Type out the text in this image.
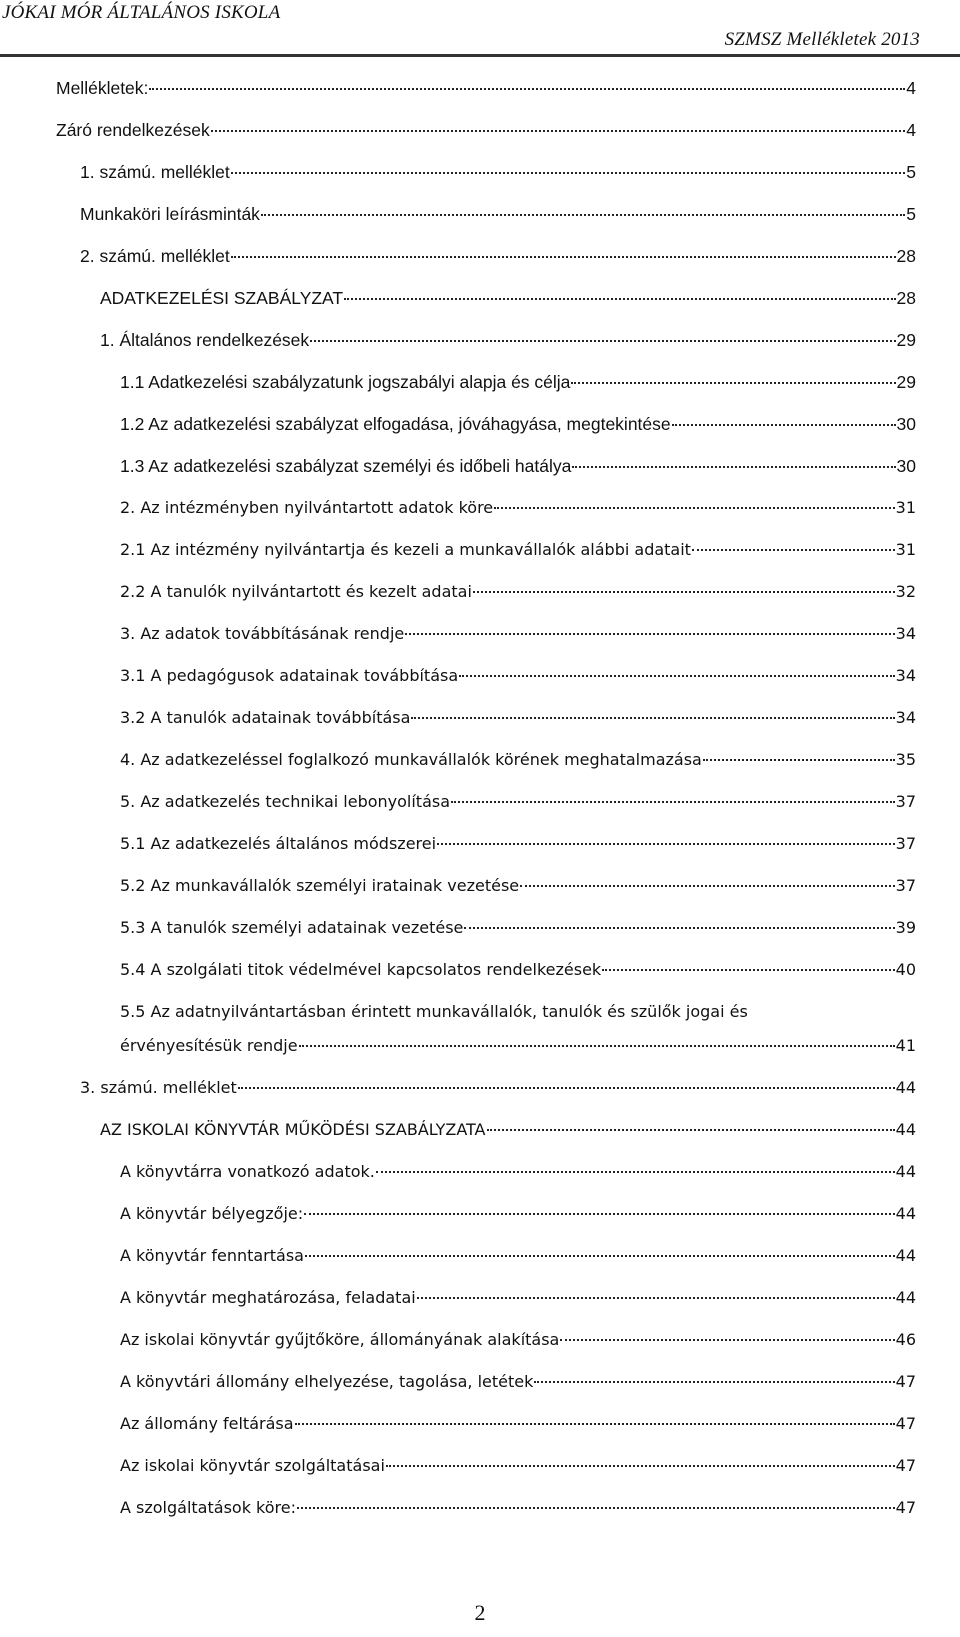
JÓKAI MÓR ÁLTALÁNOS ISKOLA
SZMSZ Mellékletek 2013
Mellékletek:	4
Záró rendelkezések	4
1. számú. melléklet	5
Munkaköri leírásminták	5
2. számú. melléklet	28
ADATKEZELÉSI SZABÁLYZAT	28
1. Általános rendelkezések	29
1.1 Adatkezelési szabályzatunk jogszabályi alapja és célja	29
1.2 Az adatkezelési szabályzat elfogadása, jóváhagyása, megtekintése	30
1.3 Az adatkezelési szabályzat személyi és időbeli hatálya	30
2. Az intézményben nyilvántartott adatok köre	31
2.1 Az intézmény nyilvántartja és kezeli a munkavállalók alábbi adatait	31
2.2 A tanulók nyilvántartott és kezelt adatai	32
3. Az adatok továbbításának rendje	34
3.1 A pedagógusok adatainak továbbítása	34
3.2 A tanulók adatainak továbbítása	34
4. Az adatkezeléssel foglalkozó munkavállalók körének meghatalmazása	35
5. Az adatkezelés technikai lebonyolítása	37
5.1 Az adatkezelés általános módszerei	37
5.2 Az munkavállalók személyi iratainak vezetése	37
5.3 A tanulók személyi adatainak vezetése	39
5.4 A szolgálati titok védelmével kapcsolatos rendelkezések	40
5.5 Az adatnyilvántartásban érintett munkavállalók, tanulók és szülők jogai és
érvényesítésük rendje	41
3. számú. melléklet	44
AZ ISKOLAI KÖNYVTÁR MŰKÖDÉSI SZABÁLYZATA	44
A könyvtárra vonatkozó adatok.	44
A könyvtár bélyegzője:	44
A könyvtár fenntartása	44
A könyvtár meghatározása, feladatai	44
Az iskolai könyvtár gyűjtőköre, állományának alakítása	46
A könyvtári állomány elhelyezése, tagolása, letétek	47
Az állomány feltárása	47
Az iskolai könyvtár szolgáltatásai	47
A szolgáltatások köre:	47
2
